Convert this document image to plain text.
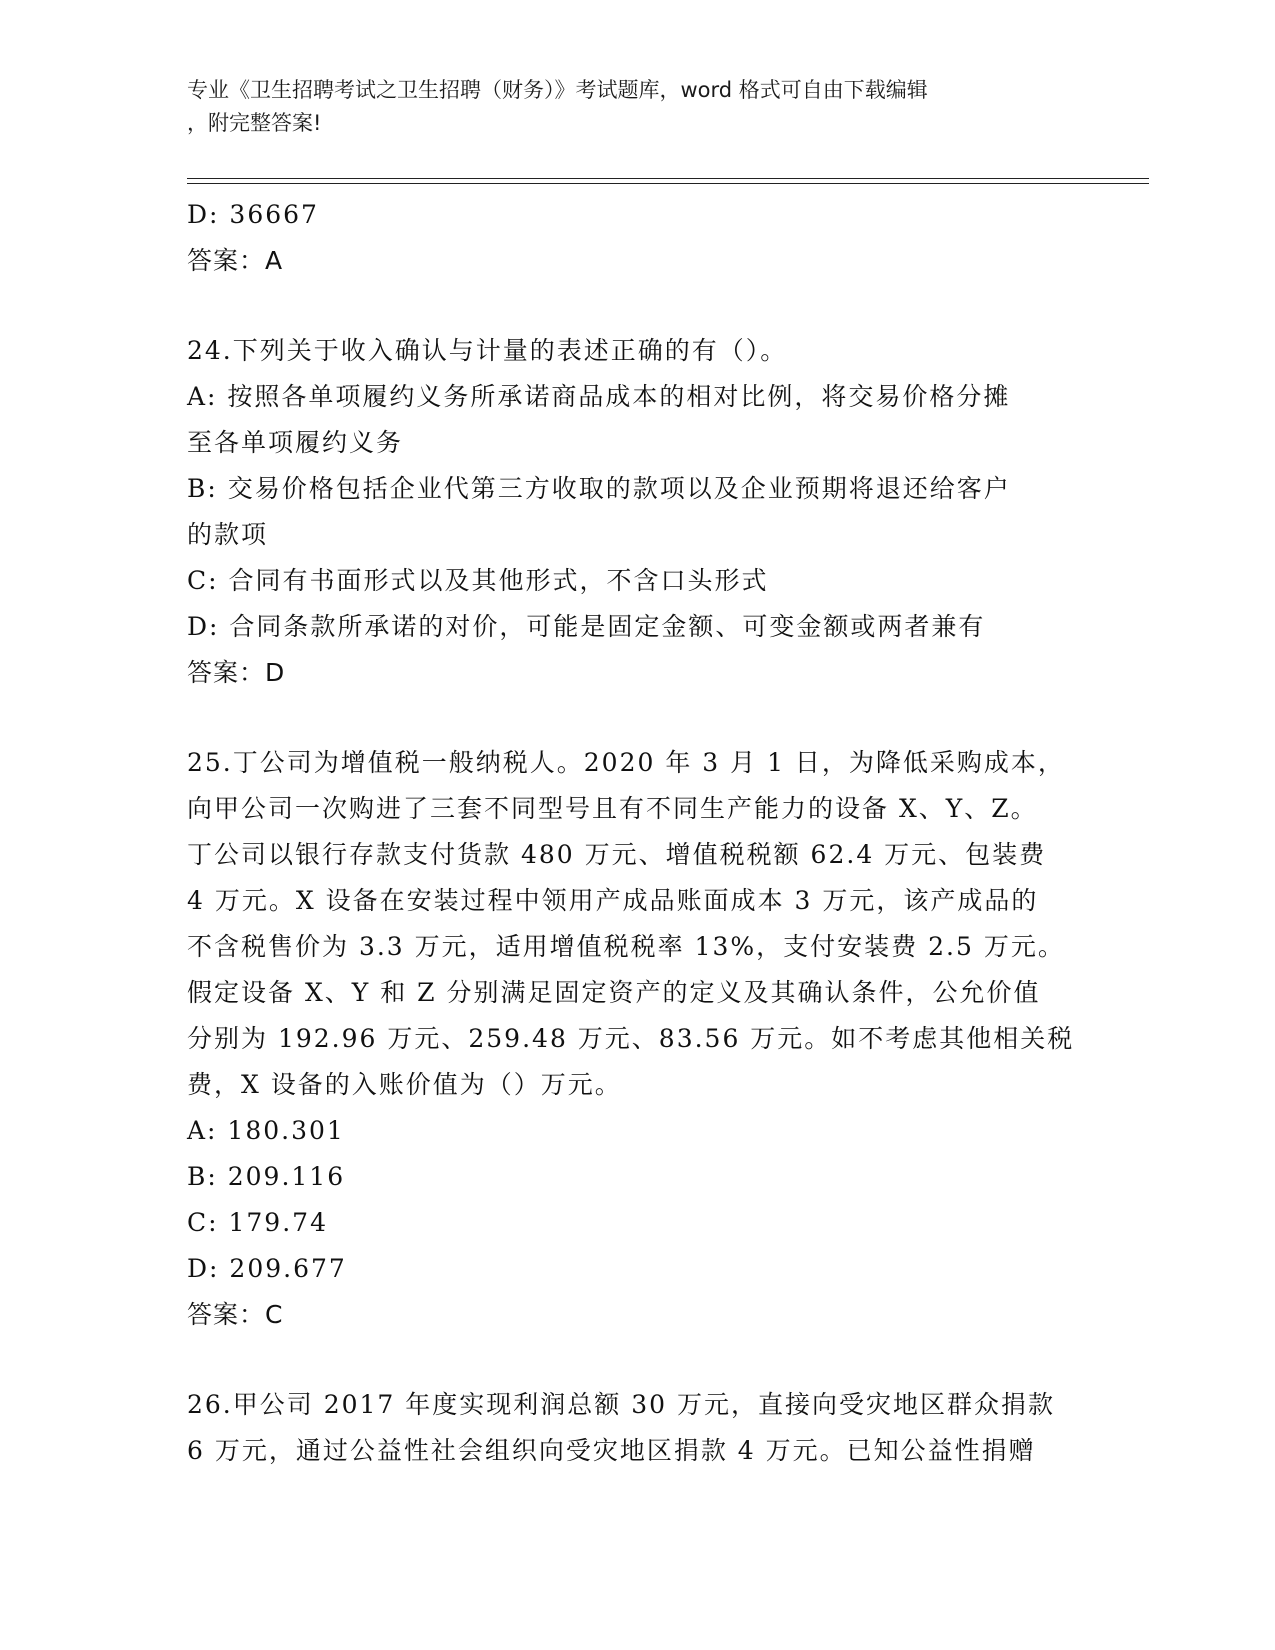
专业《卫生招聘考试之卫生招聘（财务）》考试题库，word 格式可自由下载编辑
，附完整答案!
D: 36667
答案：A
24.下列关于收入确认与计量的表述正确的有（）。
A: 按照各单项履约义务所承诺商品成本的相对比例，将交易价格分摊
至各单项履约义务
B: 交易价格包括企业代第三方收取的款项以及企业预期将退还给客户
的款项
C: 合同有书面形式以及其他形式，不含口头形式
D: 合同条款所承诺的对价，可能是固定金额、可变金额或两者兼有
答案：D
25.丁公司为增值税一般纳税人。2020 年 3 月 1 日，为降低采购成本，
向甲公司一次购进了三套不同型号且有不同生产能力的设备 X、Y、Z。
丁公司以银行存款支付货款 480 万元、增值税税额 62.4 万元、包装费
4 万元。X 设备在安装过程中领用产成品账面成本 3 万元，该产成品的
不含税售价为 3.3 万元，适用增值税税率 13%，支付安装费 2.5 万元。
假定设备 X、Y 和 Z 分别满足固定资产的定义及其确认条件，公允价值
分别为 192.96 万元、259.48 万元、83.56 万元。如不考虑其他相关税
费，X 设备的入账价值为（）万元。
A: 180.301
B: 209.116
C: 179.74
D: 209.677
答案：C
26.甲公司 2017 年度实现利润总额 30 万元，直接向受灾地区群众捐款
6 万元，通过公益性社会组织向受灾地区捐款 4 万元。已知公益性捐赠
